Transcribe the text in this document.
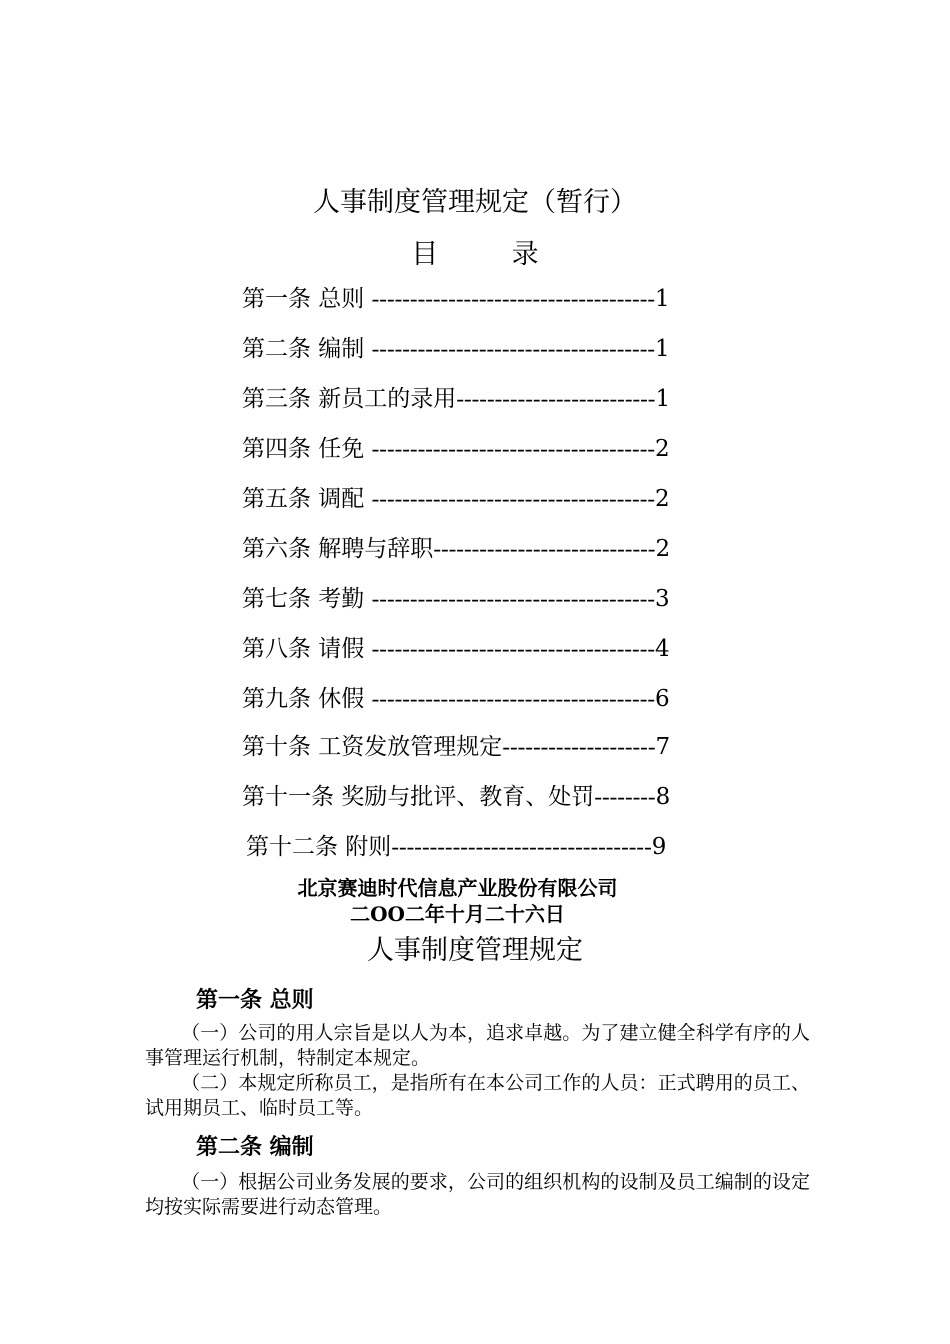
人事制度管理规定（暂行）
目 录
第一条 总则 -------------------------------------1
第二条 编制 -------------------------------------1
第三条 新员工的录用--------------------------1
第四条 任免 -------------------------------------2
第五条 调配 -------------------------------------2
第六条 解聘与辞职-----------------------------2
第七条 考勤 -------------------------------------3
第八条 请假 -------------------------------------4
第九条 休假 -------------------------------------6
第十条 工资发放管理规定--------------------7
第十一条 奖励与批评、教育、处罚--------8
第十二条 附则----------------------------------9
北京赛迪时代信息产业股份有限公司
二OO二年十月二十六日
人事制度管理规定
第一条 总则
（一）公司的用人宗旨是以人为本，追求卓越。为了建立健全科学有序的人事管理运行机制，特制定本规定。
（二）本规定所称员工，是指所有在本公司工作的人员：正式聘用的员工、试用期员工、临时员工等。
第二条 编制
（一）根据公司业务发展的要求，公司的组织机构的设制及员工编制的设定均按实际需要进行动态管理。
